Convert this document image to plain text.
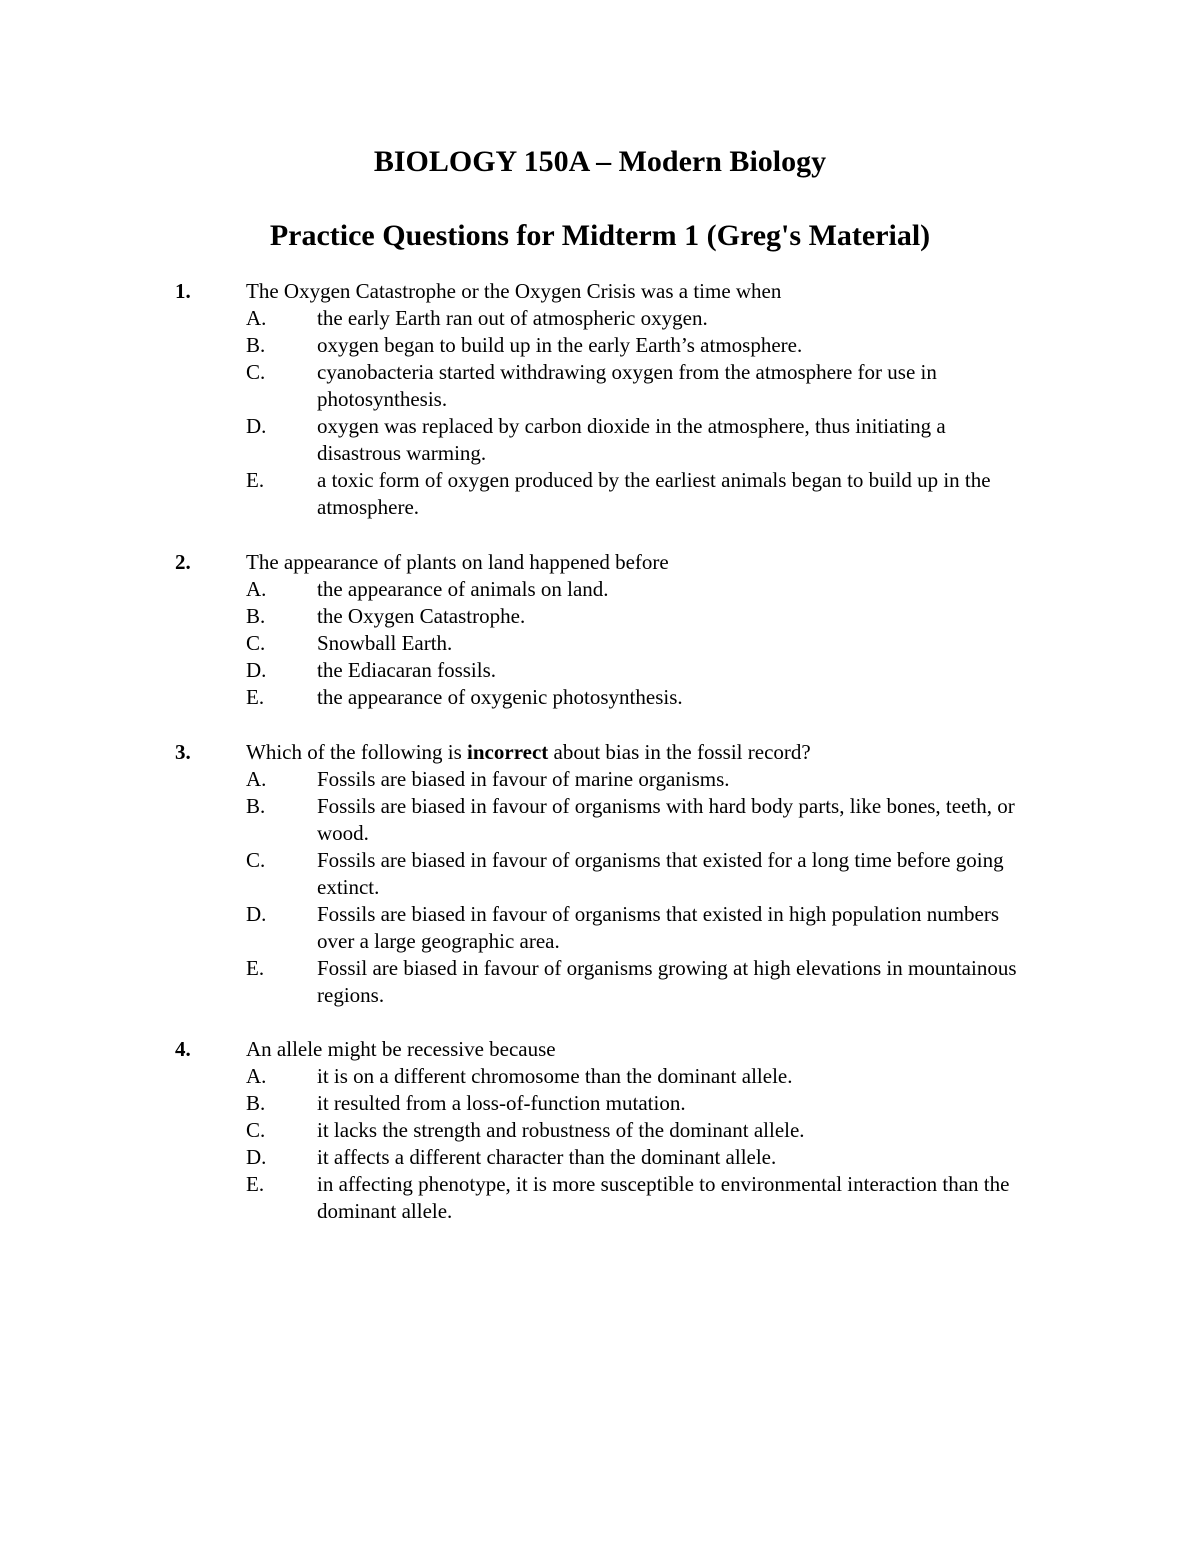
BIOLOGY 150A – Modern Biology
Practice Questions for Midterm 1 (Greg's Material)
1.	The Oxygen Catastrophe or the Oxygen Crisis was a time when
A. the early Earth ran out of atmospheric oxygen.
B. oxygen began to build up in the early Earth’s atmosphere.
C. cyanobacteria started withdrawing oxygen from the atmosphere for use in photosynthesis.
D. oxygen was replaced by carbon dioxide in the atmosphere, thus initiating a disastrous warming.
E.	a toxic form of oxygen produced by the earliest animals began to build up in the atmosphere.
2.	The appearance of plants on land happened before
A. the appearance of animals on land.
B. the Oxygen Catastrophe.
C. Snowball Earth.
D. the Ediacaran fossils.
E.	the appearance of oxygenic photosynthesis.
3.	Which of the following is incorrect about bias in the fossil record?
A. Fossils are biased in favour of marine organisms.
B. Fossils are biased in favour of organisms with hard body parts, like bones, teeth, or wood.
C. Fossils are biased in favour of organisms that existed for a long time before going extinct.
D. Fossils are biased in favour of organisms that existed in high population numbers over a large geographic area.
E.	Fossil are biased in favour of organisms growing at high elevations in mountainous regions.
4.	An allele might be recessive because
A. it is on a different chromosome than the dominant allele.
B. it resulted from a loss-of-function mutation.
C. it lacks the strength and robustness of the dominant allele.
D. it affects a different character than the dominant allele.
E.	in affecting phenotype, it is more susceptible to environmental interaction than the dominant allele.
